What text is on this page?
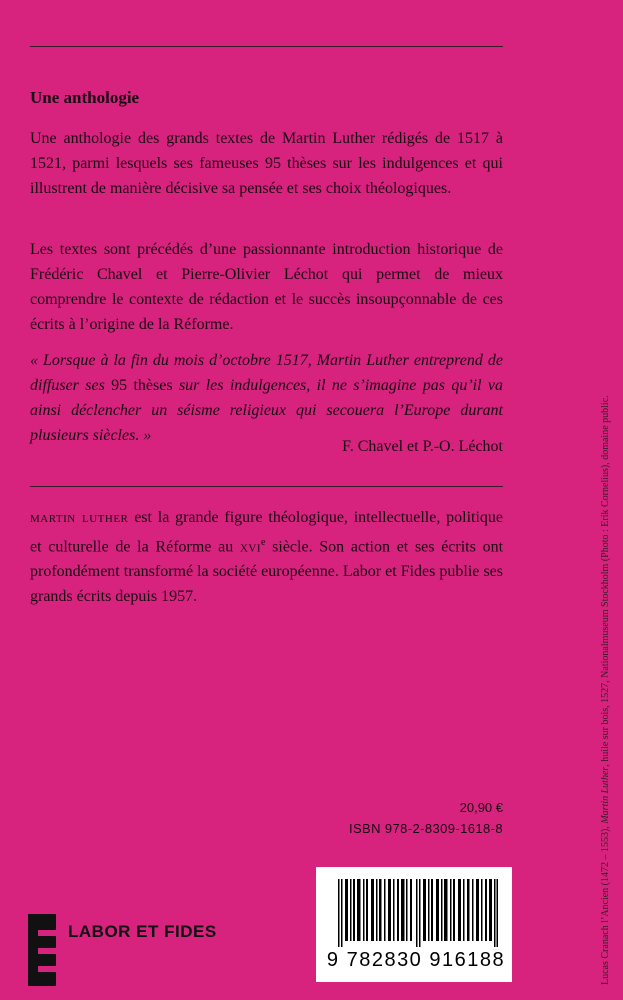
Une anthologie

Une anthologie des grands textes de Martin Luther rédigés de 1517 à 1521, parmi lesquels ses fameuses 95 thèses sur les indulgences et qui illustrent de manière décisive sa pensée et ses choix théologiques.

Les textes sont précédés d’une passionnante introduction historique de Frédéric Chavel et Pierre-Olivier Léchot qui permet de mieux comprendre le contexte de rédaction et le succès insoupçonnable de ces écrits à l’origine de la Réforme.

« Lorsque à la fin du mois d’octobre 1517, Martin Luther entreprend de diffuser ses 95 thèses sur les indulgences, il ne s’imagine pas qu’il va ainsi déclencher un séisme religieux qui secouera l’Europe durant plusieurs siècles. »

F. Chavel et P.-O. Léchot

martin luther est la grande figure théologique, intellectuelle, politique et culturelle de la Réforme au xvi$^e$ siècle. Son action et ses écrits ont profondément transformé la société européenne. Labor et Fides publie ses grands écrits depuis 1957.

20,90 €
ISBN 978-2-8309-1618-8
9 782830 916188
LABOR ET FIDES	Lucas Cranach l’Ancien (1472 – 1553), Martin Luther, huile sur bois, 1527, Nationalmuseum Stockholm (Photo : Erik Cornelius), domaine public.
